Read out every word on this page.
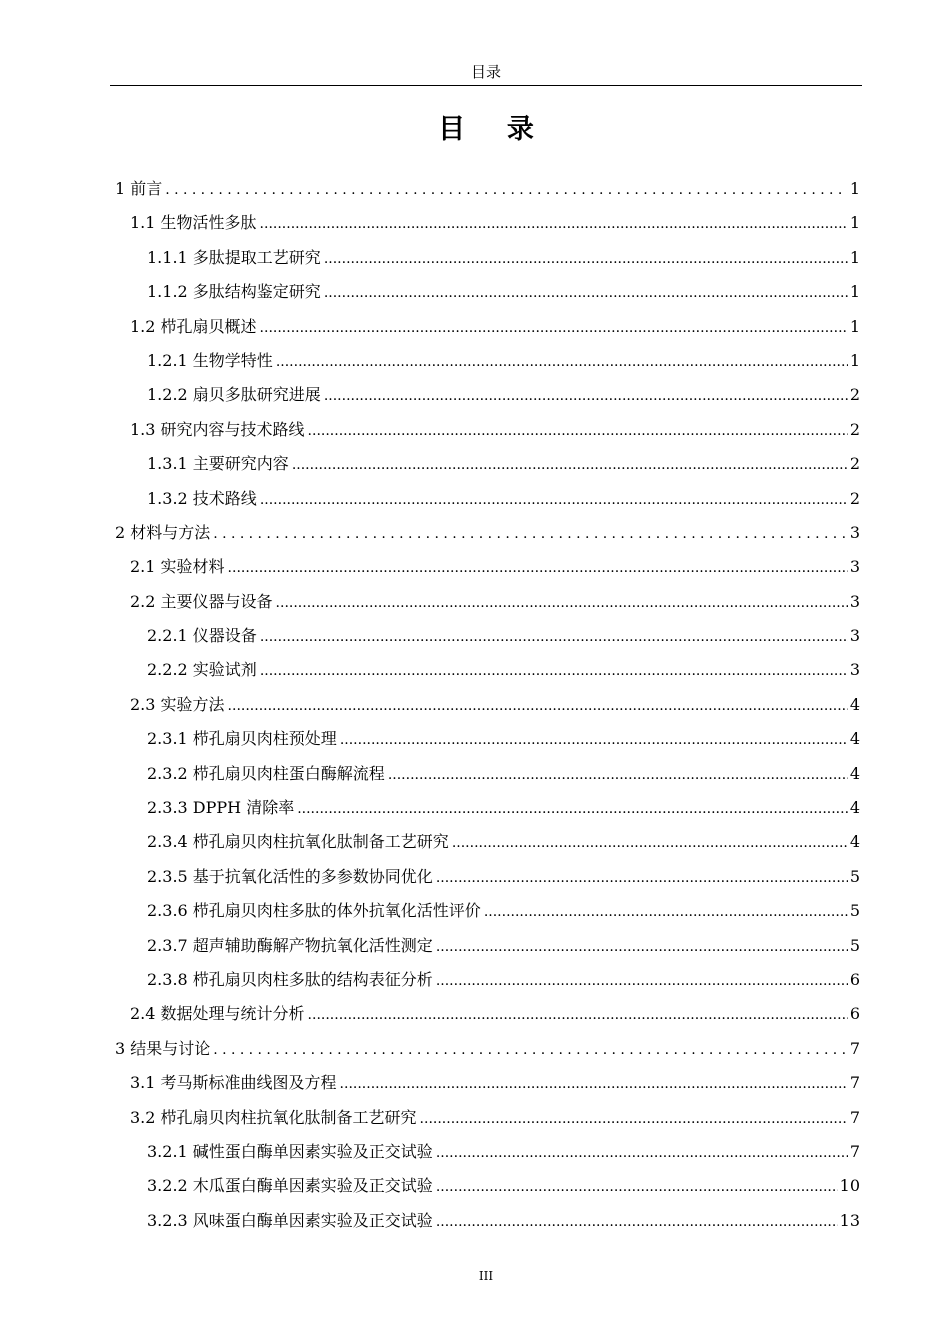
目录
目 录
1 前言 .....	1
1.1 生物活性多肽 .....	1
1.1.1 多肽提取工艺研究 .....	1
1.1.2 多肽结构鉴定研究 .....	1
1.2 栉孔扇贝概述 .....	1
1.2.1 生物学特性 .....	1
1.2.2 扇贝多肽研究进展 .....	2
1.3 研究内容与技术路线 .....	2
1.3.1 主要研究内容 .....	2
1.3.2 技术路线 .....	2
2 材料与方法 .....	3
2.1 实验材料 .....	3
2.2 主要仪器与设备 .....	3
2.2.1 仪器设备 .....	3
2.2.2 实验试剂 .....	3
2.3 实验方法 .....	4
2.3.1 栉孔扇贝肉柱预处理 .....	4
2.3.2 栉孔扇贝肉柱蛋白酶解流程 .....	4
2.3.3 DPPH 清除率 .....	4
2.3.4 栉孔扇贝肉柱抗氧化肽制备工艺研究 .....	4
2.3.5 基于抗氧化活性的多参数协同优化 .....	5
2.3.6 栉孔扇贝肉柱多肽的体外抗氧化活性评价 .....	5
2.3.7 超声辅助酶解产物抗氧化活性测定 .....	5
2.3.8 栉孔扇贝肉柱多肽的结构表征分析 .....	6
2.4 数据处理与统计分析 .....	6
3 结果与讨论 .....	7
3.1 考马斯标准曲线图及方程 .....	7
3.2 栉孔扇贝肉柱抗氧化肽制备工艺研究 .....	7
3.2.1 碱性蛋白酶单因素实验及正交试验 .....	7
3.2.2 木瓜蛋白酶单因素实验及正交试验 .....	10
3.2.3 风味蛋白酶单因素实验及正交试验 .....	13
III
